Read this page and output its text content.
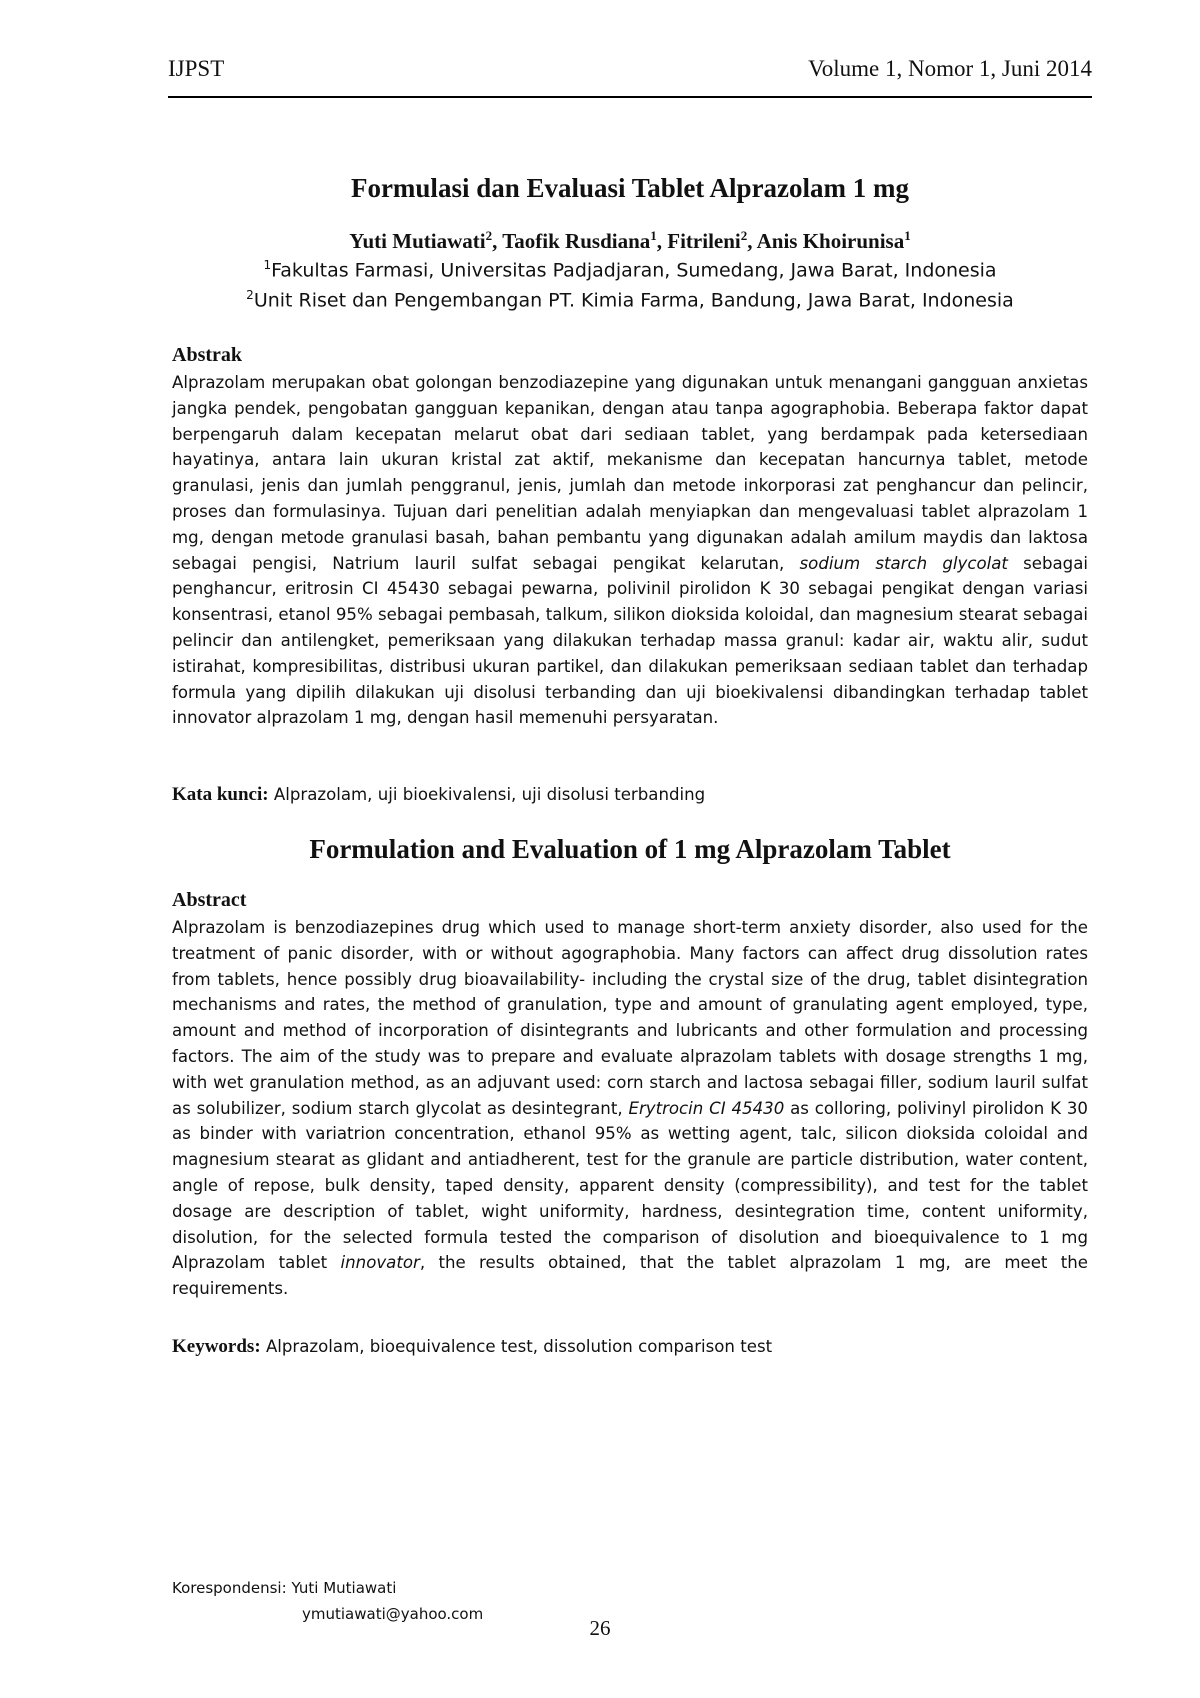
IJPST	Volume 1, Nomor 1, Juni 2014
Formulasi dan Evaluasi Tablet Alprazolam 1 mg
Yuti Mutiawati$^2$, Taofik Rusdiana$^1$, Fitrileni$^2$, Anis Khoirunisa$^1$
$^1$Fakultas Farmasi, Universitas Padjadjaran, Sumedang, Jawa Barat, Indonesia
$^2$Unit Riset dan Pengembangan PT. Kimia Farma, Bandung, Jawa Barat, Indonesia
Abstrak
Alprazolam merupakan obat golongan benzodiazepine yang digunakan untuk menangani gangguan anxietas jangka pendek, pengobatan gangguan kepanikan, dengan atau tanpa agographobia. Beberapa faktor dapat berpengaruh dalam kecepatan melarut obat dari sediaan tablet, yang berdampak pada ketersediaan hayatinya, antara lain ukuran kristal zat aktif, mekanisme dan kecepatan hancurnya tablet, metode granulasi, jenis dan jumlah penggranul, jenis, jumlah dan metode inkorporasi zat penghancur dan pelincir, proses dan formulasinya. Tujuan dari penelitian adalah menyiapkan dan mengevaluasi tablet alprazolam 1 mg, dengan metode granulasi basah, bahan pembantu yang digunakan adalah amilum maydis dan laktosa sebagai pengisi, Natrium lauril sulfat sebagai pengikat kelarutan, sodium starch glycolat sebagai penghancur, eritrosin CI 45430 sebagai pewarna, polivinil pirolidon K 30 sebagai pengikat dengan variasi konsentrasi, etanol 95% sebagai pembasah, talkum, silikon dioksida koloidal, dan magnesium stearat sebagai pelincir dan antilengket, pemeriksaan yang dilakukan terhadap massa granul: kadar air, waktu alir, sudut istirahat, kompresibilitas, distribusi ukuran partikel, dan dilakukan pemeriksaan sediaan tablet dan terhadap formula yang dipilih dilakukan uji disolusi terbanding dan uji bioekivalensi dibandingkan terhadap tablet innovator alprazolam 1 mg, dengan hasil memenuhi persyaratan.
Kata kunci: Alprazolam, uji bioekivalensi, uji disolusi terbanding
Formulation and Evaluation of 1 mg Alprazolam Tablet
Abstract
Alprazolam is benzodiazepines drug which used to manage short-term anxiety disorder, also used for the treatment of panic disorder, with or without agographobia. Many factors can affect drug dissolution rates from tablets, hence possibly drug bioavailability- including the crystal size of the drug, tablet disintegration mechanisms and rates, the method of granulation, type and amount of granulating agent employed, type, amount and method of incorporation of disintegrants and lubricants and other formulation and processing factors. The aim of the study was to prepare and evaluate alprazolam tablets with dosage strengths 1 mg, with wet granulation method, as an adjuvant used: corn starch and lactosa sebagai filler, sodium lauril sulfat as solubilizer, sodium starch glycolat as desintegrant, Erytrocin CI 45430 as colloring, polivinyl pirolidon K 30 as binder with variatrion concentration, ethanol 95% as wetting agent, talc, silicon dioksida coloidal and magnesium stearat as glidant and antiadherent, test for the granule are particle distribution, water content, angle of repose, bulk density, taped density, apparent density (compressibility), and test for the tablet dosage are description of tablet, wight uniformity, hardness, desintegration time, content uniformity, disolution, for the selected formula tested the comparison of disolution and bioequivalence to 1 mg Alprazolam tablet innovator, the results obtained, that the tablet alprazolam 1 mg, are meet the requirements.
Keywords: Alprazolam, bioequivalence test, dissolution comparison test
Korespondensi: Yuti Mutiawati
ymutiawati@yahoo.com
26
